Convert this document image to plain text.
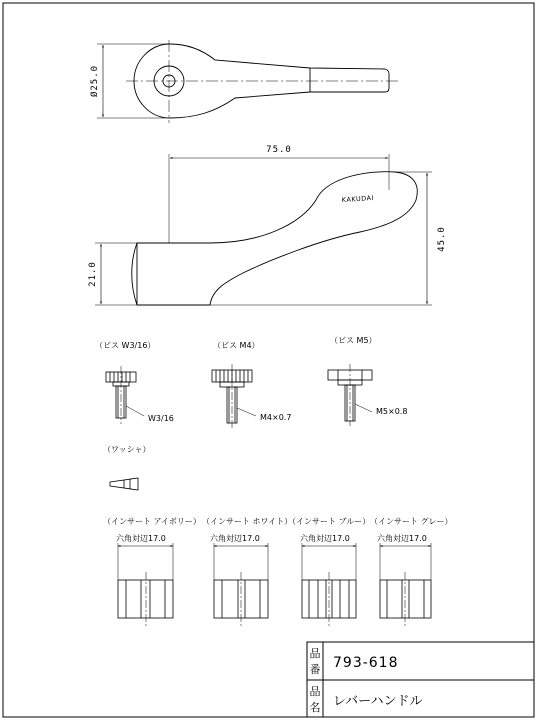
Ø25.0
75.0
45.0
21.0
KAKUDAI
（ビス W3/16）
W3/16
（ビス M4）
M4×0.7
（ビス M5）
M5×0.8
（ワッシャ）
（インサート アイボリー） （インサート ホワイト）
（インサート ブルー） （インサート グレー）
六角対辺17.0	六角対辺17.0	六角対辺17.0	六角対辺17.0
品
番 793-618
品
名 レバーハンドル
